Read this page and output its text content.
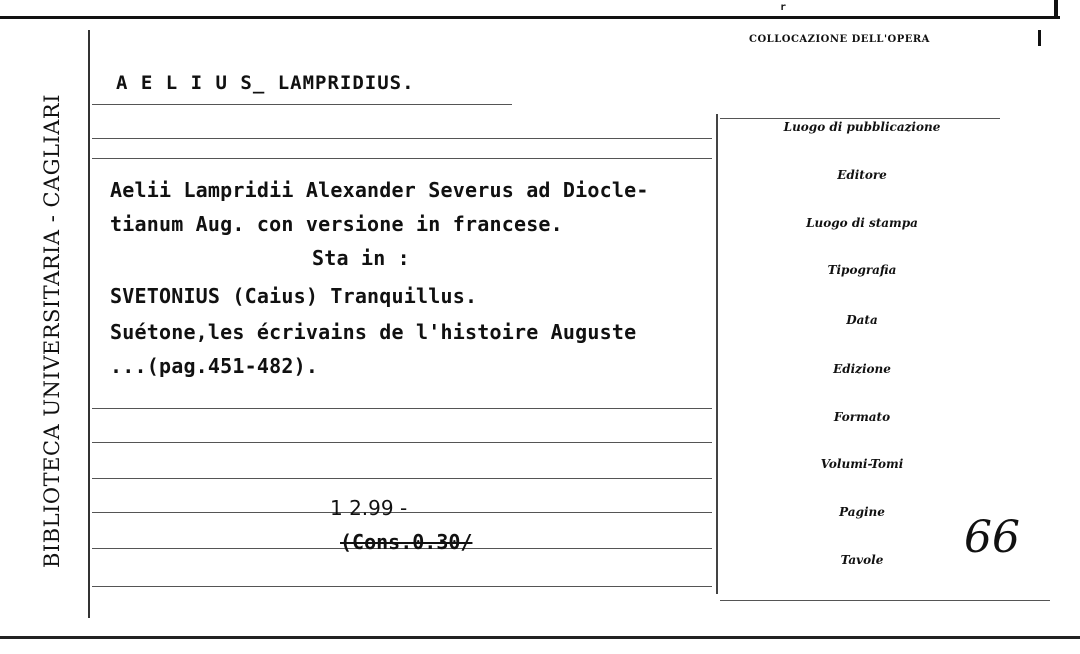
r
BIBLIOTECA UNIVERSITARIA - CAGLIARI
COLLOCAZIONE DELL'OPERA
A E L I U S_ LAMPRIDIUS.
Aelii Lampridii Alexander Severus ad Diocle-
tianum Aug. con versione in francese.
Sta in :
SVETONIUS (Caius) Tranquillus.
Suétone,les écrivains de l'histoire Auguste
...(pag.451-482).
Luogo di pubblicazione
Editore
Luogo di stampa
Tipografia
Data
Edizione
Formato
Volumi-Tomi
Pagine
Tavole
1 2.99 -
(Cons.0.30/	66
